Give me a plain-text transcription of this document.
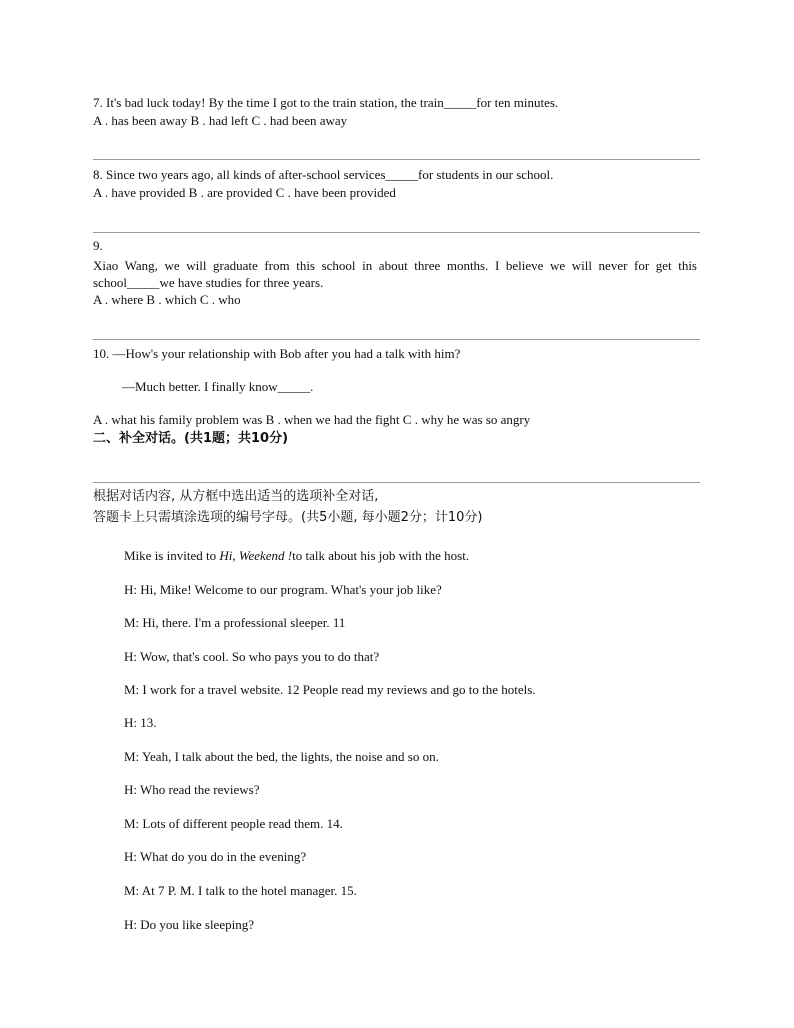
7. It's bad luck today! By the time I got to the train station, the train_____for ten minutes.
A . has been away B . had left C . had been away
8. Since two years ago, all kinds of after-school services_____for students in our school.
A . have provided B . are provided C . have been provided
9.
Xiao Wang, we will graduate from this school in about three months. I believe we will never for get this school_____we have studies for three years.
A . where B . which C . who
10. —How's your relationship with Bob after you had a talk with him?
—Much better. I finally know_____.
A . what his family problem was B . when we had the fight C . why he was so angry
二、补全对话。(共1题；共10分)
根据对话内容, 从方框中选出适当的选项补全对话,
答题卡上只需填涂选项的编号字母。(共5小题, 每小题2分；计10分)
Mike is invited to Hi, Weekend !to talk about his job with the host.
H: Hi, Mike! Welcome to our program. What's your job like?
M: Hi, there. I'm a professional sleeper. 11
H: Wow, that's cool. So who pays you to do that?
M: I work for a travel website. 12 People read my reviews and go to the hotels.
H: 13.
M: Yeah, I talk about the bed, the lights, the noise and so on.
H: Who read the reviews?
M: Lots of different people read them. 14.
H: What do you do in the evening?
M: At 7 P. M. I talk to the hotel manager. 15.
H: Do you like sleeping?
